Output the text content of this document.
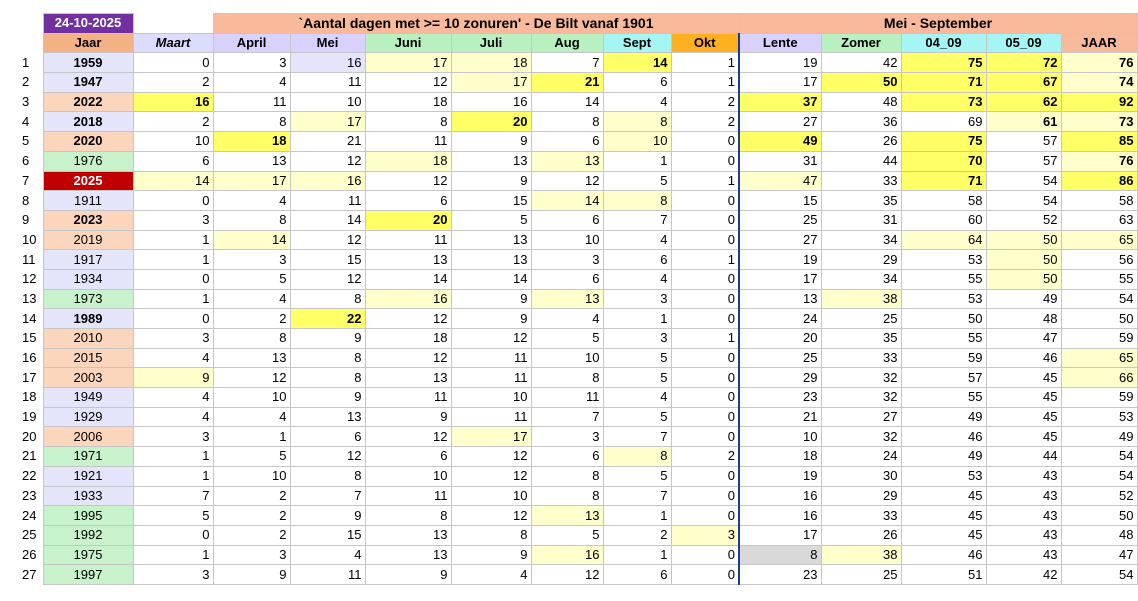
	24-10-2025		`Aantal dagen met >= 10 zonuren' - De Bilt vanaf 1901							Mei - September				
	Jaar	Maart	April	Mei	Juni	Juli	Aug	Sept	Okt	Lente	Zomer	04_09	05_09	JAAR
1	1959	0	3	16	17	18	7	14	1	19	42	75	72	76
2	1947	2	4	11	12	17	21	6	1	17	50	71	67	74
3	2022	16	11	10	18	16	14	4	2	37	48	73	62	92
4	2018	2	8	17	8	20	8	8	2	27	36	69	61	73
5	2020	10	18	21	11	9	6	10	0	49	26	75	57	85
6	1976	6	13	12	18	13	13	1	0	31	44	70	57	76
7	2025	14	17	16	12	9	12	5	1	47	33	71	54	86
8	1911	0	4	11	6	15	14	8	0	15	35	58	54	58
9	2023	3	8	14	20	5	6	7	0	25	31	60	52	63
10	2019	1	14	12	11	13	10	4	0	27	34	64	50	65
11	1917	1	3	15	13	13	3	6	1	19	29	53	50	56
12	1934	0	5	12	14	14	6	4	0	17	34	55	50	55
13	1973	1	4	8	16	9	13	3	0	13	38	53	49	54
14	1989	0	2	22	12	9	4	1	0	24	25	50	48	50
15	2010	3	8	9	18	12	5	3	1	20	35	55	47	59
16	2015	4	13	8	12	11	10	5	0	25	33	59	46	65
17	2003	9	12	8	13	11	8	5	0	29	32	57	45	66
18	1949	4	10	9	11	10	11	4	0	23	32	55	45	59
19	1929	4	4	13	9	11	7	5	0	21	27	49	45	53
20	2006	3	1	6	12	17	3	7	0	10	32	46	45	49
21	1971	1	5	12	6	12	6	8	2	18	24	49	44	54
22	1921	1	10	8	10	12	8	5	0	19	30	53	43	54
23	1933	7	2	7	11	10	8	7	0	16	29	45	43	52
24	1995	5	2	9	8	12	13	1	0	16	33	45	43	50
25	1992	0	2	15	13	8	5	2	3	17	26	45	43	48
26	1975	1	3	4	13	9	16	1	0	8	38	46	43	47
27	1997	3	9	11	9	4	12	6	0	23	25	51	42	54
